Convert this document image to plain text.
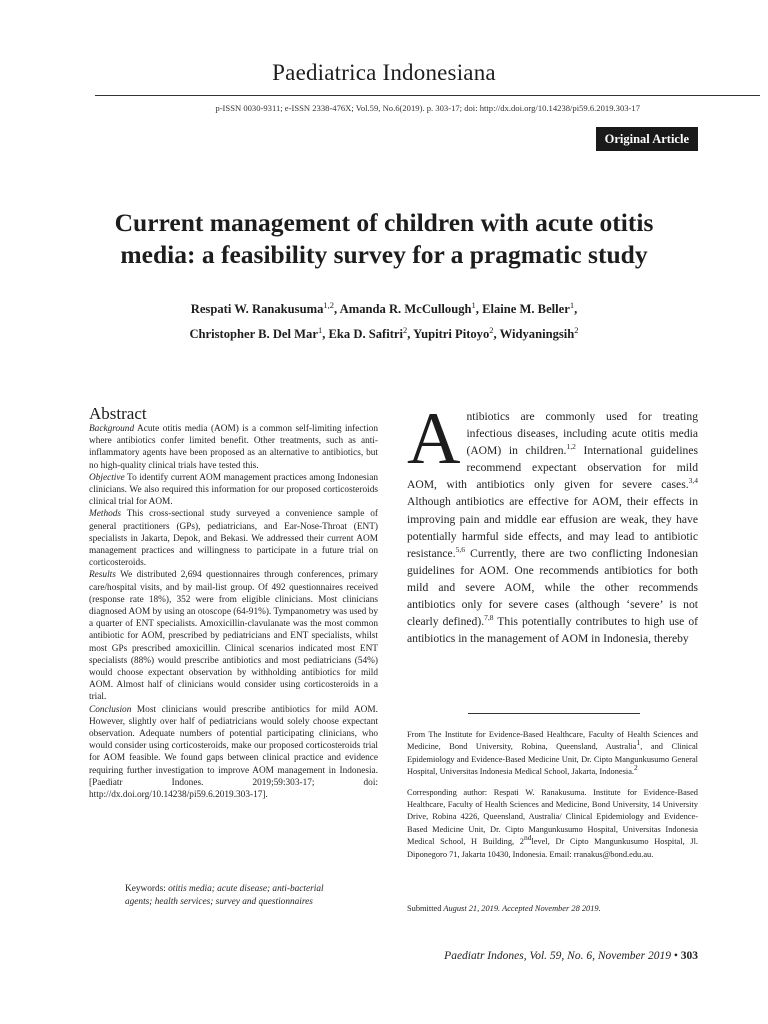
Paediatrica Indonesiana
p-ISSN 0030-9311; e-ISSN 2338-476X; Vol.59, No.6(2019). p. 303-17; doi: http://dx.doi.org/10.14238/pi59.6.2019.303-17
Original Article
Current management of children with acute otitis media: a feasibility survey for a pragmatic study
Respati W. Ranakusuma$^{1,2}$, Amanda R. McCullough$^1$, Elaine M. Beller$^1$,
Christopher B. Del Mar$^1$, Eka D. Safitri$^2$, Yupitri Pitoyo$^2$, Widyaningsih$^2$
Abstract

Background Acute otitis media (AOM) is a common self-limiting infection where antibiotics confer limited benefit. Other treatments, such as anti-inflammatory agents have been proposed as an alternative to antibiotics, but no high-quality clinical trials have tested this.

Objective To identify current AOM management practices among Indonesian clinicians. We also required this information for our proposed corticosteroids clinical trial for AOM.

Methods This cross-sectional study surveyed a convenience sample of general practitioners (GPs), pediatricians, and Ear-Nose-Throat (ENT) specialists in Jakarta, Depok, and Bekasi. We addressed their current AOM management practices and willingness to participate in a future trial on corticosteroids.

Results We distributed 2,694 questionnaires through conferences, primary care/hospital visits, and by mail-list group. Of 492 questionnaires received (response rate 18%), 352 were from eligible clinicians. Most clinicians diagnosed AOM by using an otoscope (64-91%). Tympanometry was used by a quarter of ENT specialists. Amoxicillin-clavulanate was the most common antibiotic for AOM, prescribed by pediatricians and ENT specialists, whilst most GPs prescribed amoxicillin. Clinical scenarios indicated most ENT specialists (88%) would prescribe antibiotics and most pediatricians (54%) would choose expectant observation by withholding antibiotics for mild AOM. Almost half of clinicians would consider using corticosteroids in a trial.

Conclusion Most clinicians would prescribe antibiotics for mild AOM. However, slightly over half of pediatricians would solely choose expectant observation. Adequate numbers of potential participating clinicians, who would consider using corticosteroids, make our proposed corticosteroids trial for AOM feasible. We found gaps between clinical practice and evidence requiring further investigation to improve AOM management in Indonesia. [Paediatr Indones. 2019;59:303-17; doi: http://dx.doi.org/10.14238/pi59.6.2019.303-17].

Keywords: otitis media; acute disease; anti-bacterial agents; health services; survey and questionnaires

Antibiotics are commonly used for treating infectious diseases, including acute otitis media (AOM) in children.$^{1,2}$ International guidelines recommend expectant observation for mild AOM, with antibiotics only given for severe cases.$^{3,4}$ Although antibiotics are effective for AOM, their effects in improving pain and middle ear effusion are weak, they have potentially harmful side effects, and may lead to antibiotic resistance.$^{5,6}$ Currently, there are two conflicting Indonesian guidelines for AOM. One recommends antibiotics for both mild and severe AOM, while the other recommends antibiotics only for severe cases (although ‘severe’ is not clearly defined).$^{7,8}$ This potentially contributes to high use of antibiotics in the management of AOM in Indonesia, thereby

From The Institute for Evidence-Based Healthcare, Faculty of Health Sciences and Medicine, Bond University, Robina, Queensland, Australia1, and Clinical Epidemiology and Evidence-Based Medicine Unit, Dr. Cipto Mangunkusumo General Hospital, Universitas Indonesia Medical School, Jakarta, Indonesia.2

Corresponding author: Respati W. Ranakusuma. Institute for Evidence-Based Healthcare, Faculty of Health Sciences and Medicine, Bond University, 14 University Drive, Robina 4226, Queensland, Australia/ Clinical Epidemiology and Evidence-Based Medicine Unit, Dr. Cipto Mangunkusumo Hospital, Universitas Indonesia Medical School, H Building, 2ndlevel, Dr Cipto Mangunkusumo Hospital, Jl. Diponegoro 71, Jakarta 10430, Indonesia. Email: rranakus@bond.edu.au.

Submitted August 21, 2019. Accepted November 28 2019.
Paediatr Indones, Vol. 59, No. 6, November 2019 • 303
